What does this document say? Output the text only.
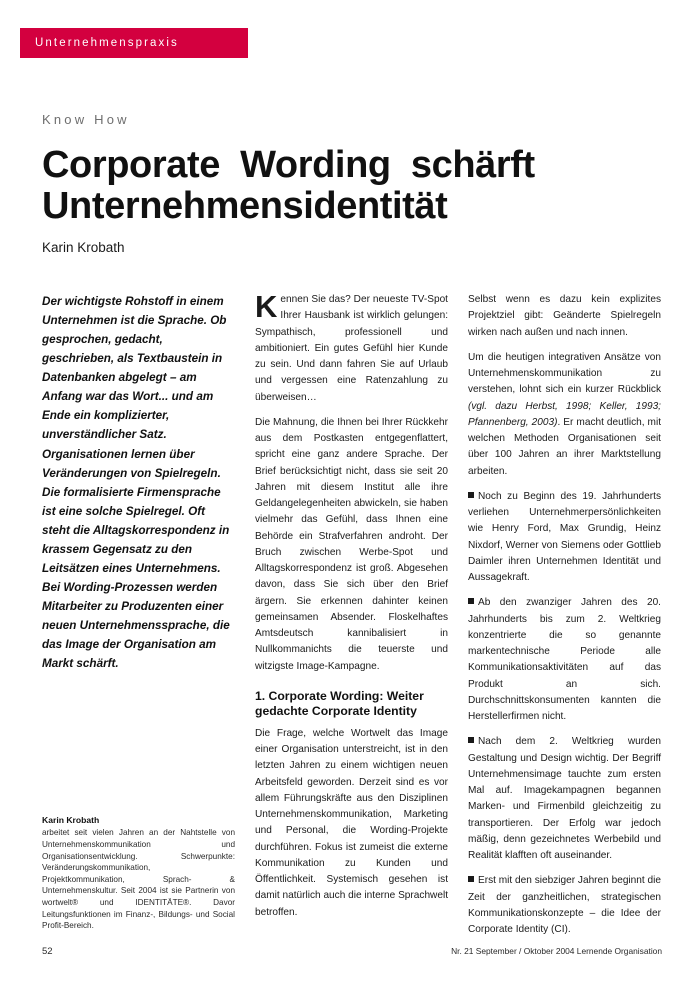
Unternehmenspraxis
Know How
Corporate Wording schärft
Unternehmensidentität
Karin Krobath

Der wichtigste Rohstoff in einem Unternehmen ist die Sprache. Ob gesprochen, gedacht, geschrieben, als Textbaustein in Datenbanken abgelegt – am Anfang war das Wort... und am Ende ein komplizierter, unverständlicher Satz.

Organisationen lernen über Veränderungen von Spielregeln. Die formalisierte Firmensprache ist eine solche Spielregel. Oft steht die Alltagskorrespondenz in krassem Gegensatz zu den Leitsätzen eines Unternehmens. Bei Wording-Prozessen werden Mitarbeiter zu Produzenten einer neuen Unternehmenssprache, die das Image der Organisation am Markt schärft.

Karin Krobath

arbeitet seit vielen Jahren an der Nahtstelle von Unternehmenskommunikation und Organisationsentwicklung. Schwerpunkte: Veränderungskommunikation, Projektkommunikation, Sprach- & Unternehmenskultur. Seit 2004 ist sie Partnerin von wortwelt® und IDENTITÄTE®. Davor Leitungsfunktionen im Finanz-, Bildungs- und Social Profit-Bereich.

Kennen Sie das? Der neueste TV-Spot Ihrer Hausbank ist wirklich gelungen: Sympathisch, professionell und ambitioniert. Ein gutes Gefühl hier Kunde zu sein. Und dann fahren Sie auf Urlaub und vergessen eine Ratenzahlung zu überweisen…

Die Mahnung, die Ihnen bei Ihrer Rückkehr aus dem Postkasten entgegenflattert, spricht eine ganz andere Sprache. Der Brief berücksichtigt nicht, dass sie seit 20 Jahren mit diesem Institut alle ihre Geldangelegenheiten abwickeln, sie haben vielmehr das Gefühl, dass Ihnen eine Behörde ein Strafverfahren androht. Der Bruch zwischen Werbe-Spot und Alltagskorrespondenz ist groß. Abgesehen davon, dass Sie sich über den Brief ärgern. Sie erkennen dahinter keinen gemeinsamen Absender. Floskelhaftes Amtsdeutsch kannibalisiert in Nullkommanichts die teuerste und witzigste Image-Kampagne.

1. Corporate Wording: Weiter gedachte Corporate Identity

Die Frage, welche Wortwelt das Image einer Organisation unterstreicht, ist in den letzten Jahren zu einem wichtigen neuen Arbeitsfeld geworden. Derzeit sind es vor allem Führungskräfte aus den Disziplinen Unternehmenskommunikation, Marketing und Personal, die Wording-Projekte durchführen. Fokus ist zumeist die externe Kommunikation zu Kunden und Öffentlichkeit. Systemisch gesehen ist damit natürlich auch die interne Sprachwelt betroffen.

Selbst wenn es dazu kein explizites Projektziel gibt: Geänderte Spielregeln wirken nach außen und nach innen.

Um die heutigen integrativen Ansätze von Unternehmenskommunikation zu verstehen, lohnt sich ein kurzer Rückblick (vgl. dazu Herbst, 1998; Keller, 1993; Pfannenberg, 2003). Er macht deutlich, mit welchen Methoden Organisationen seit über 100 Jahren an ihrer Marktstellung arbeiten.

Noch zu Beginn des 19. Jahrhunderts verliehen Unternehmerpersönlichkeiten wie Henry Ford, Max Grundig, Heinz Nixdorf, Werner von Siemens oder Gottlieb Daimler ihren Unternehmen Identität und Aussagekraft.

Ab den zwanziger Jahren des 20. Jahrhunderts bis zum 2. Weltkrieg konzentrierte die so genannte markentechnische Periode alle Kommunikationsaktivitäten auf das Produkt an sich. Durchschnittskonsumenten kannten die Herstellerfirmen nicht.

Nach dem 2. Weltkrieg wurden Gestaltung und Design wichtig. Der Begriff Unternehmensimage tauchte zum ersten Mal auf. Imagekampagnen begannen Marken- und Firmenbild gleichzeitig zu transportieren. Der Erfolg war jedoch mäßig, denn gezeichnetes Werbebild und Realität klafften oft auseinander.

Erst mit den siebziger Jahren beginnt die Zeit der ganzheitlichen, strategischen Kommunikationskonzepte – die Idee der Corporate Identity (CI).

52	Nr. 21 September / Oktober 2004 Lernende Organisation
